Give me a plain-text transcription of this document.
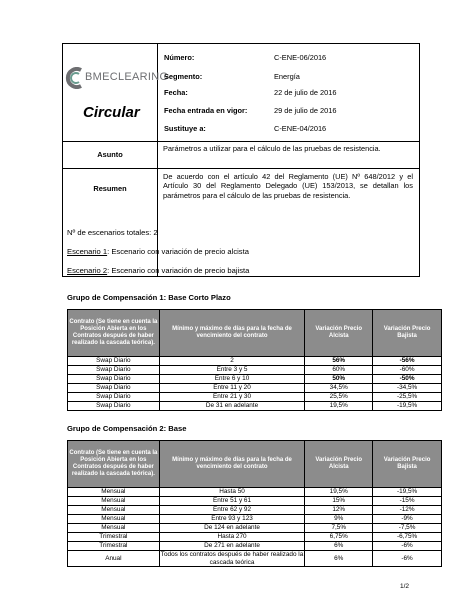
BMECLEARING
Circular
Número:	C-ENE-06/2016
Segmento:	Energía
Fecha:	22 de julio de 2016
Fecha entrada en vigor:	29 de julio de 2016
Sustituye a:	C-ENE-04/2016
Asunto
Parámetros a utilizar para el cálculo de las pruebas de resistencia.
Resumen
De acuerdo con el artículo 42 del Reglamento (UE) Nº 648/2012 y el Artículo 30 del Reglamento Delegado (UE) 153/2013, se detallan los parámetros para el cálculo de las pruebas de resistencia.
Nº de escenarios totales: 2
Escenario 1: Escenario con variación de precio alcista
Escenario 2: Escenario con variación de precio bajista
Grupo de Compensación 1: Base Corto Plazo
Contrato (Se tiene en cuenta la Posición Abierta en los Contratos después de haber realizado la cascada teórica).	Mínimo y máximo de días para la fecha de vencimiento del contrato	Variación Precio Alcista	Variación Precio Bajista
Swap Diario	2	56%	-56%
Swap Diario	Entre 3 y 5	60%	-60%
Swap Diario	Entre 6 y 10	50%	-50%
Swap Diario	Entre 11 y 20	34,5%	-34,5%
Swap Diario	Entre 21 y 30	25,5%	-25,5%
Swap Diario	De 31 en adelante	19,5%	-19,5%
Grupo de Compensación 2: Base
Contrato (Se tiene en cuenta la Posición Abierta en los Contratos después de haber realizado la cascada teórica).	Mínimo y máximo de días para la fecha de vencimiento del contrato	Variación Precio Alcista	Variación Precio Bajista
Mensual	Hasta 50	19,5%	-19,5%
Mensual	Entre 51 y 61	15%	-15%
Mensual	Entre 62 y 92	12%	-12%
Mensual	Entre 93 y 123	9%	-9%
Mensual	De 124 en adelante	7,5%	-7,5%
Trimestral	Hasta 270	6,75%	-6,75%
Trimestral	De 271 en adelante	6%	-6%
Anual	Todos los contratos después de haber realizado la cascada teórica	6%	-6%
1/2
